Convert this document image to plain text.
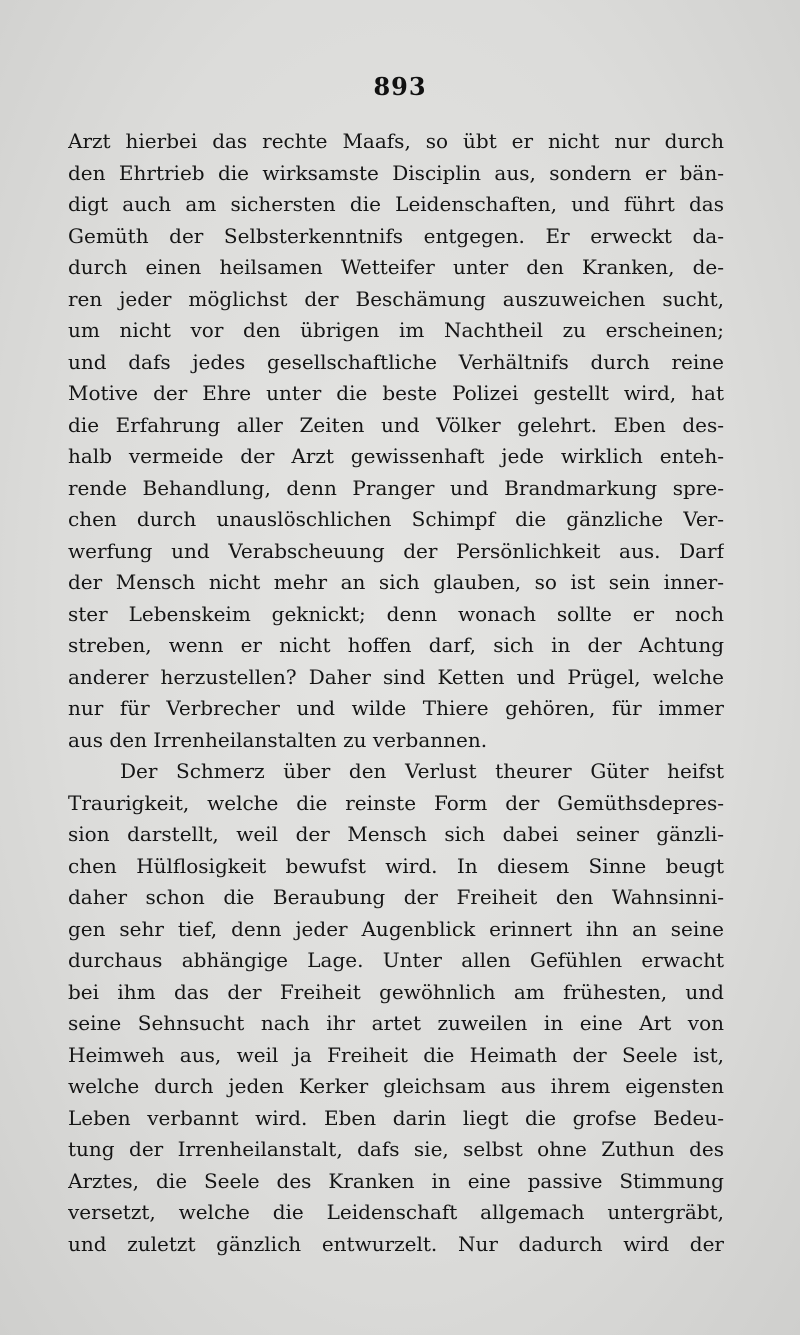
893
Arzt hierbei das rechte Maafs, so übt er nicht nur durch
den Ehrtrieb die wirksamste Disciplin aus, sondern er bän-
digt auch am sichersten die Leidenschaften, und führt das
Gemüth der Selbsterkenntnifs entgegen. Er erweckt da-
durch einen heilsamen Wetteifer unter den Kranken, de-
ren jeder möglichst der Beschämung auszuweichen sucht,
um nicht vor den übrigen im Nachtheil zu erscheinen;
und dafs jedes gesellschaftliche Verhältnifs durch reine
Motive der Ehre unter die beste Polizei gestellt wird, hat
die Erfahrung aller Zeiten und Völker gelehrt. Eben des-
halb vermeide der Arzt gewissenhaft jede wirklich enteh-
rende Behandlung, denn Pranger und Brandmarkung spre-
chen durch unauslöschlichen Schimpf die gänzliche Ver-
werfung und Verabscheuung der Persönlichkeit aus. Darf
der Mensch nicht mehr an sich glauben, so ist sein inner-
ster Lebenskeim geknickt; denn wonach sollte er noch
streben, wenn er nicht hoffen darf, sich in der Achtung
anderer herzustellen? Daher sind Ketten und Prügel, welche
nur für Verbrecher und wilde Thiere gehören, für immer
aus den Irrenheilanstalten zu verbannen.
Der Schmerz über den Verlust theurer Güter heifst
Traurigkeit, welche die reinste Form der Gemüthsdepres-
sion darstellt, weil der Mensch sich dabei seiner gänzli-
chen Hülflosigkeit bewufst wird. In diesem Sinne beugt
daher schon die Beraubung der Freiheit den Wahnsinni-
gen sehr tief, denn jeder Augenblick erinnert ihn an seine
durchaus abhängige Lage. Unter allen Gefühlen erwacht
bei ihm das der Freiheit gewöhnlich am frühesten, und
seine Sehnsucht nach ihr artet zuweilen in eine Art von
Heimweh aus, weil ja Freiheit die Heimath der Seele ist,
welche durch jeden Kerker gleichsam aus ihrem eigensten
Leben verbannt wird. Eben darin liegt die grofse Bedeu-
tung der Irrenheilanstalt, dafs sie, selbst ohne Zuthun des
Arztes, die Seele des Kranken in eine passive Stimmung
versetzt, welche die Leidenschaft allgemach untergräbt,
und zuletzt gänzlich entwurzelt. Nur dadurch wird der
